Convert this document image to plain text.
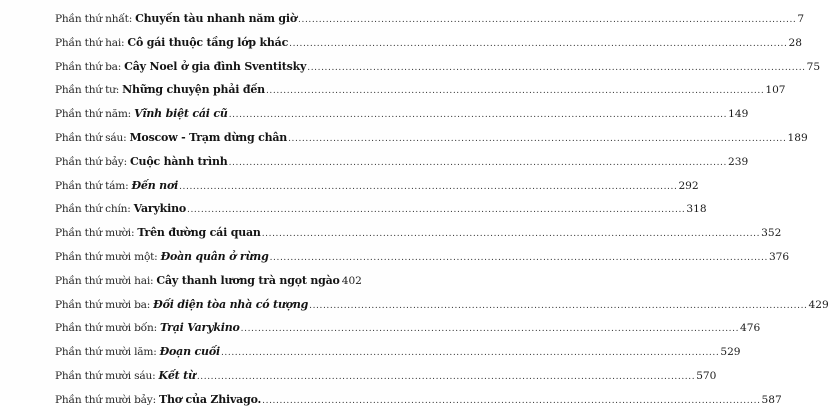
Phần thứ nhất: Chuyến tàu nhanh năm giờ .....	7
Phần thứ hai: Cô gái thuộc tầng lớp khác .....	28
Phần thứ ba: Cây Noel ở gia đình Sventitsky .....	75
Phần thứ tư: Những chuyện phải đến .....	107
Phần thứ năm: Vĩnh biệt cái cũ .....	149
Phần thứ sáu: Moscow - Trạm dừng chân .....	189
Phần thứ bảy: Cuộc hành trình .....	239
Phần thứ tám: Đến nơi .....	292
Phần thứ chín: Varykino .....	318
Phần thứ mười: Trên đường cái quan .....	352
Phần thứ mười một: Đoàn quân ở rừng .....	376
Phần thứ mười hai: Cây thanh lương trà ngọt ngào 402
Phần thứ mười ba: Đối diện tòa nhà có tượng .....	429
Phần thứ mười bốn: Trại Varykino .....	476
Phần thứ mười lăm: Đoạn cuối .....	529
Phần thứ mười sáu: Kết từ .....	570
Phần thứ mười bảy: Thơ của Zhivago. .....	587
